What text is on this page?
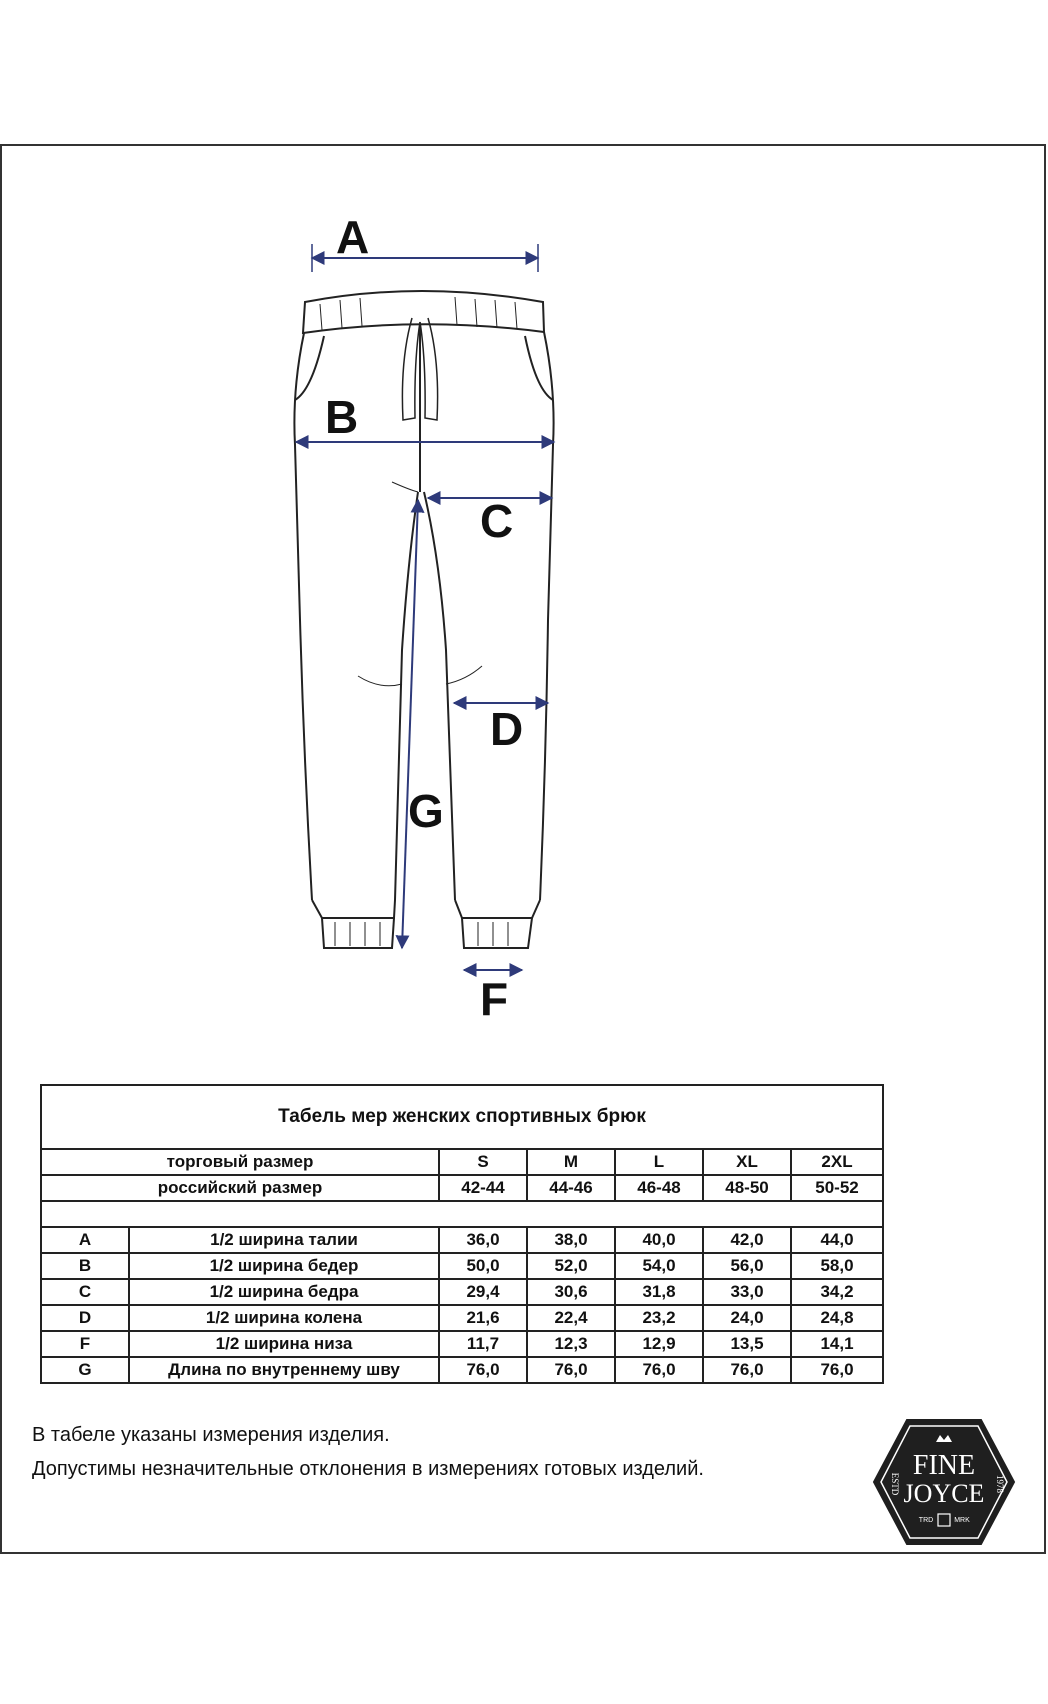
A
B
C
D
G
F
Табель мер женских спортивных брюк						
торговый размер		S	M	L	XL	2XL
российский размер		42-44	44-46	46-48	48-50	50-52

A	1/2 ширина талии	36,0	38,0	40,0	42,0	44,0
B	1/2 ширина бедер	50,0	52,0	54,0	56,0	58,0
C	1/2 ширина бедра	29,4	30,6	31,8	33,0	34,2
D	1/2 ширина колена	21,6	22,4	23,2	24,0	24,8
F	1/2 ширина низа	11,7	12,3	12,9	13,5	14,1
G	Длина по внутреннему шву	76,0	76,0	76,0	76,0	76,0
В табеле указаны измерения изделия.
Допустимы незначительные отклонения в измерениях готовых изделий.	FINE
JOYCE
ESTD	1978
TRD	MRK
